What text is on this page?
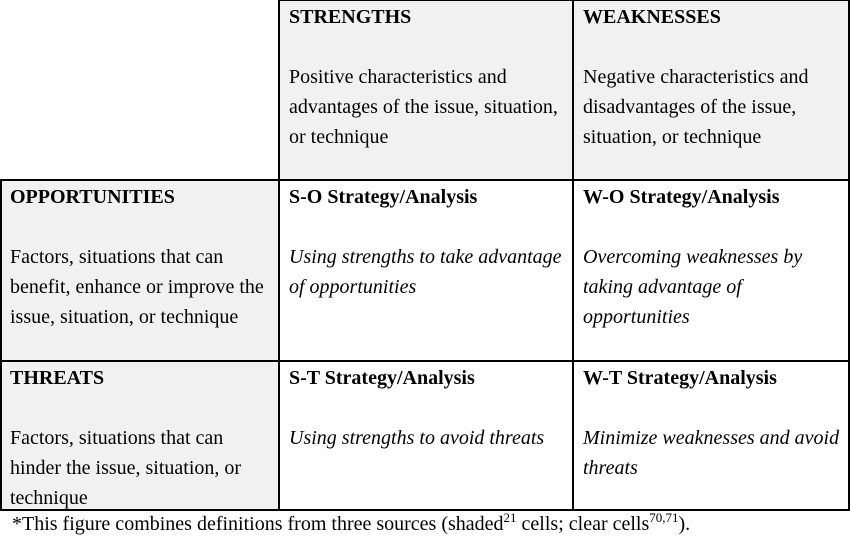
STRENGTHS
Positive characteristics and advantages of the issue, situation, or technique
WEAKNESSES
Negative characteristics and disadvantages of the issue, situation, or technique
OPPORTUNITIES
Factors, situations that can benefit, enhance or improve the issue, situation, or technique
S-O Strategy/Analysis
Using strengths to take advantage of opportunities
W-O Strategy/Analysis
Overcoming weaknesses by taking advantage of opportunities
THREATS
Factors, situations that can hinder the issue, situation, or technique
S-T Strategy/Analysis
Using strengths to avoid threats
W-T Strategy/Analysis
Minimize weaknesses and avoid threats
*This figure combines definitions from three sources (shaded$^{21}$ cells; clear cells$^{70,71}$).
